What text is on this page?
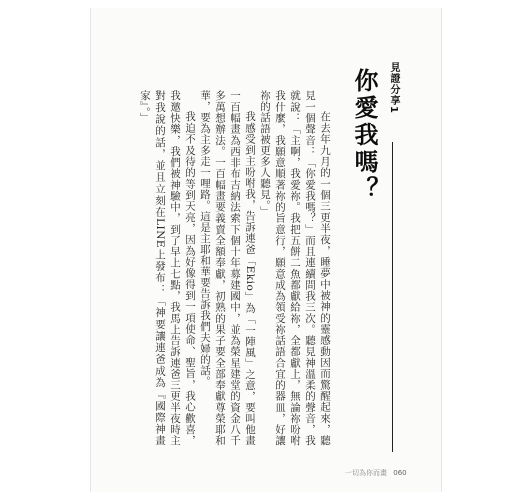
見證分享1
你愛我嗎？

在去年九月的一個三更半夜，睡夢中被神的靈感動因而驚醒起來，聽見一個聲音：「你愛我嗎？」而且連續問我三次。聽見神溫柔的聲音，我就說：「主啊，我愛祢。我把五餅二魚都獻給祢，全都獻上，無論祢吩咐我什麼，我願意順著祢的旨意行，願意成為領受祢話語合宜的器皿，好讓祢的話語被更多人聽見。」

我感受到主吩咐我，告訴連爸「Ekio」為「一陣風」之意，要叫他畫一百幅畫為西非布吉納法索下個十年募建國中，並為榮星建堂的資金八千多萬想辦法。一百幅畫要義賣全額奉獻，初熟的果子要全部奉獻尊榮耶和華，要為主多走一哩路。這是主耶和華要告訴我們夫婦的話。

我迫不及待的等到天亮，因為好像得到一項使命、聖旨，我心歡喜，我邀快樂，我們被神驗中，到了早上七點，我馬上告訴連爸三更半夜時主對我說的話，並且立刻在LINE上發布：「神要讓連爸成為『國際神畫家』。」

一切為你而畫 060
